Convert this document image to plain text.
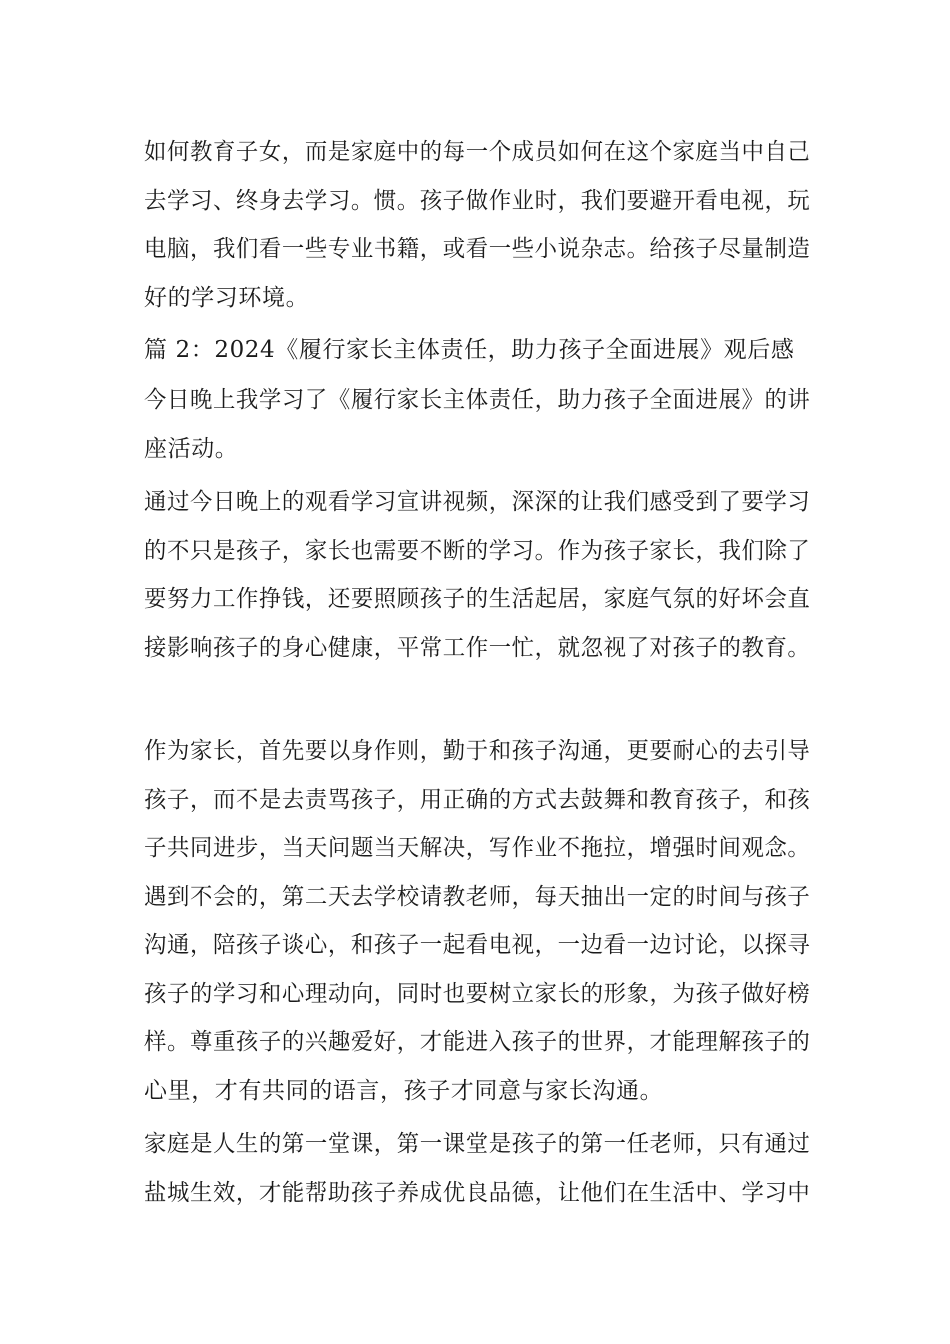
如何教育子女，而是家庭中的每一个成员如何在这个家庭当中自己
去学习、终身去学习。惯。孩子做作业时，我们要避开看电视，玩
电脑，我们看一些专业书籍，或看一些小说杂志。给孩子尽量制造
好的学习环境。
篇 2：2024《履行家长主体责任，助力孩子全面进展》观后感
今日晚上我学习了《履行家长主体责任，助力孩子全面进展》的讲
座活动。
通过今日晚上的观看学习宣讲视频，深深的让我们感受到了要学习
的不只是孩子，家长也需要不断的学习。作为孩子家长，我们除了
要努力工作挣钱，还要照顾孩子的生活起居，家庭气氛的好坏会直
接影响孩子的身心健康，平常工作一忙，就忽视了对孩子的教育。
作为家长，首先要以身作则，勤于和孩子沟通，更要耐心的去引导
孩子，而不是去责骂孩子，用正确的方式去鼓舞和教育孩子，和孩
子共同进步，当天问题当天解决，写作业不拖拉，增强时间观念。
遇到不会的，第二天去学校请教老师，每天抽出一定的时间与孩子
沟通，陪孩子谈心，和孩子一起看电视，一边看一边讨论，以探寻
孩子的学习和心理动向，同时也要树立家长的形象，为孩子做好榜
样。尊重孩子的兴趣爱好，才能进入孩子的世界，才能理解孩子的
心里，才有共同的语言，孩子才同意与家长沟通。
家庭是人生的第一堂课，第一课堂是孩子的第一任老师，只有通过
盐城生效，才能帮助孩子养成优良品德，让他们在生活中、学习中
